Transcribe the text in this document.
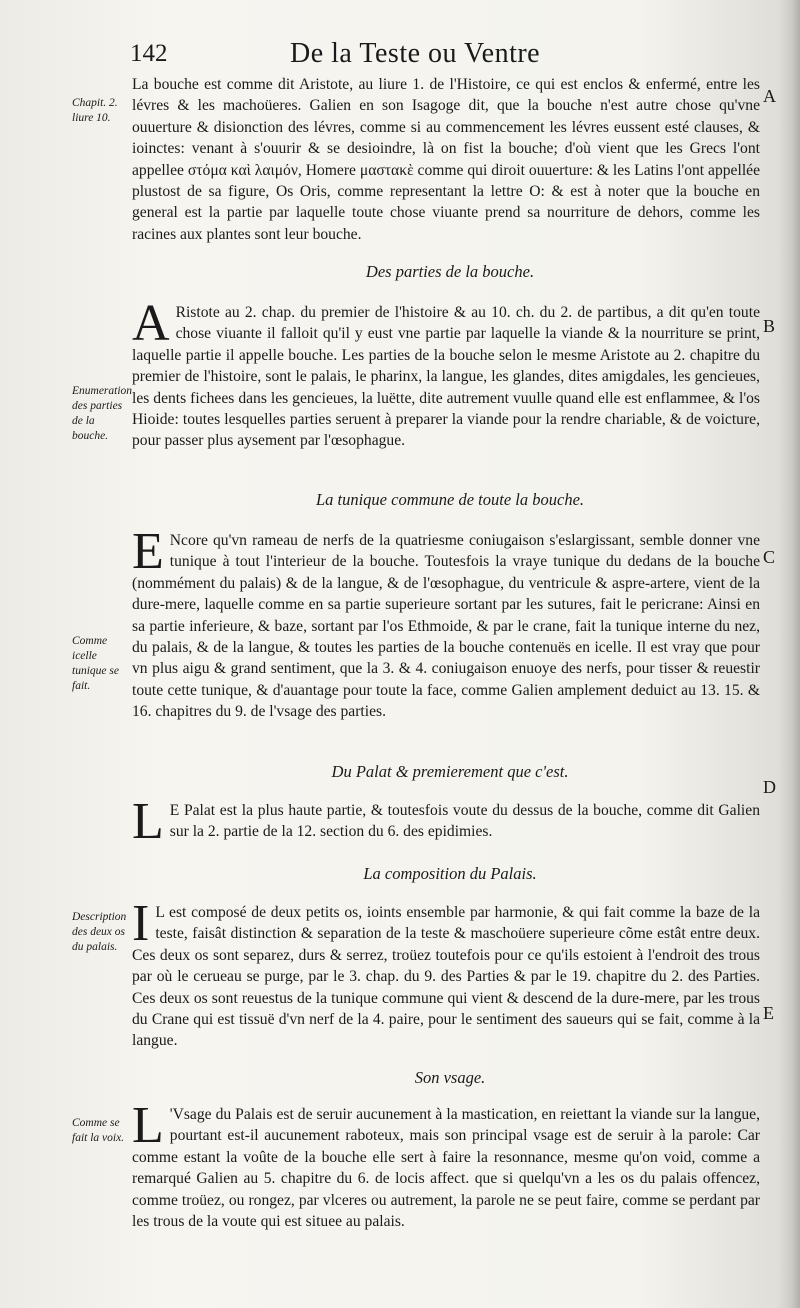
142	De la Teste ou Ventre
A
B
C
D
E
Chapit. 2. liure 10.
Enumeration des parties de la bouche.
Comme icelle tunique se fait.
Description des deux os du palais.
Comme se fait la voix.
La bouche est comme dit Aristote, au liure 1. de l'Histoire, ce qui est enclos & enfermé, entre les lévres & les machoüeres. Galien en son Isagoge dit, que la bouche n'est autre chose qu'vne ouuerture & disionction des lévres, comme si au commencement les lévres eussent esté clauses, & ioinctes: venant à s'ouurir & se desioindre, là on fist la bouche; d'où vient que les Grecs l'ont appellee στόμα καὶ λαιμόν, Homere μαστακὲ comme qui diroit ouuerture: & les Latins l'ont appellée plustost de sa figure, Os Oris, comme representant la lettre O: & est à noter que la bouche en general est la partie par laquelle toute chose viuante prend sa nourriture de dehors, comme les racines aux plantes sont leur bouche.
Des parties de la bouche.
A Ristote au 2. chap. du premier de l'histoire & au 10. ch. du 2. de partibus, a dit qu'en toute chose viuante il falloit qu'il y eust vne partie par laquelle la viande & la nourriture se print, laquelle partie il appelle bouche. Les parties de la bouche selon le mesme Aristote au 2. chapitre du premier de l'histoire, sont le palais, le pharinx, la langue, les glandes, dites amigdales, les gencieues, les dents fichees dans les gencieues, la luëtte, dite autrement vuulle quand elle est enflammee, & l'os Hioide: toutes lesquelles parties seruent à preparer la viande pour la rendre chariable, & de voicture, pour passer plus aysement par l'œsophague.
La tunique commune de toute la bouche.
E Ncore qu'vn rameau de nerfs de la quatriesme coniugaison s'eslargissant, semble donner vne tunique à tout l'interieur de la bouche. Toutesfois la vraye tunique du dedans de la bouche (nommément du palais) & de la langue, & de l'œsophague, du ventricule & aspre-artere, vient de la dure-mere, laquelle comme en sa partie superieure sortant par les sutures, fait le pericrane: Ainsi en sa partie inferieure, & baze, sortant par l'os Ethmoide, & par le crane, fait la tunique interne du nez, du palais, & de la langue, & toutes les parties de la bouche contenuës en icelle. Il est vray que pour vn plus aigu & grand sentiment, que la 3. & 4. coniugaison enuoye des nerfs, pour tisser & reuestir toute cette tunique, & d'auantage pour toute la face, comme Galien amplement deduict au 13. 15. & 16. chapitres du 9. de l'vsage des parties.
Du Palat & premierement que c'est.
L E Palat est la plus haute partie, & toutesfois voute du dessus de la bouche, comme dit Galien sur la 2. partie de la 12. section du 6. des epidimies.
La composition du Palais.
I L est composé de deux petits os, ioints ensemble par harmonie, & qui fait comme la baze de la teste, faisât distinction & separation de la teste & maschoüere superieure cõme estât entre deux. Ces deux os sont separez, durs & serrez, troüez toutefois pour ce qu'ils estoient à l'endroit des trous par où le cerueau se purge, par le 3. chap. du 9. des Parties & par le 19. chapitre du 2. des Parties. Ces deux os sont reuestus de la tunique commune qui vient & descend de la dure-mere, par les trous du Crane qui est tissuë d'vn nerf de la 4. paire, pour le sentiment des saueurs qui se fait, comme à la langue.
Son vsage.
L 'Vsage du Palais est de seruir aucunement à la mastication, en reiettant la viande sur la langue, pourtant est-il aucunement raboteux, mais son principal vsage est de seruir à la parole: Car comme estant la voûte de la bouche elle sert à faire la resonnance, mesme qu'on void, comme a remarqué Galien au 5. chapitre du 6. de locis affect. que si quelqu'vn a les os du palais offencez, comme troüez, ou rongez, par vlceres ou autrement, la parole ne se peut faire, comme se perdant par les trous de la voute qui est situee au palais.
